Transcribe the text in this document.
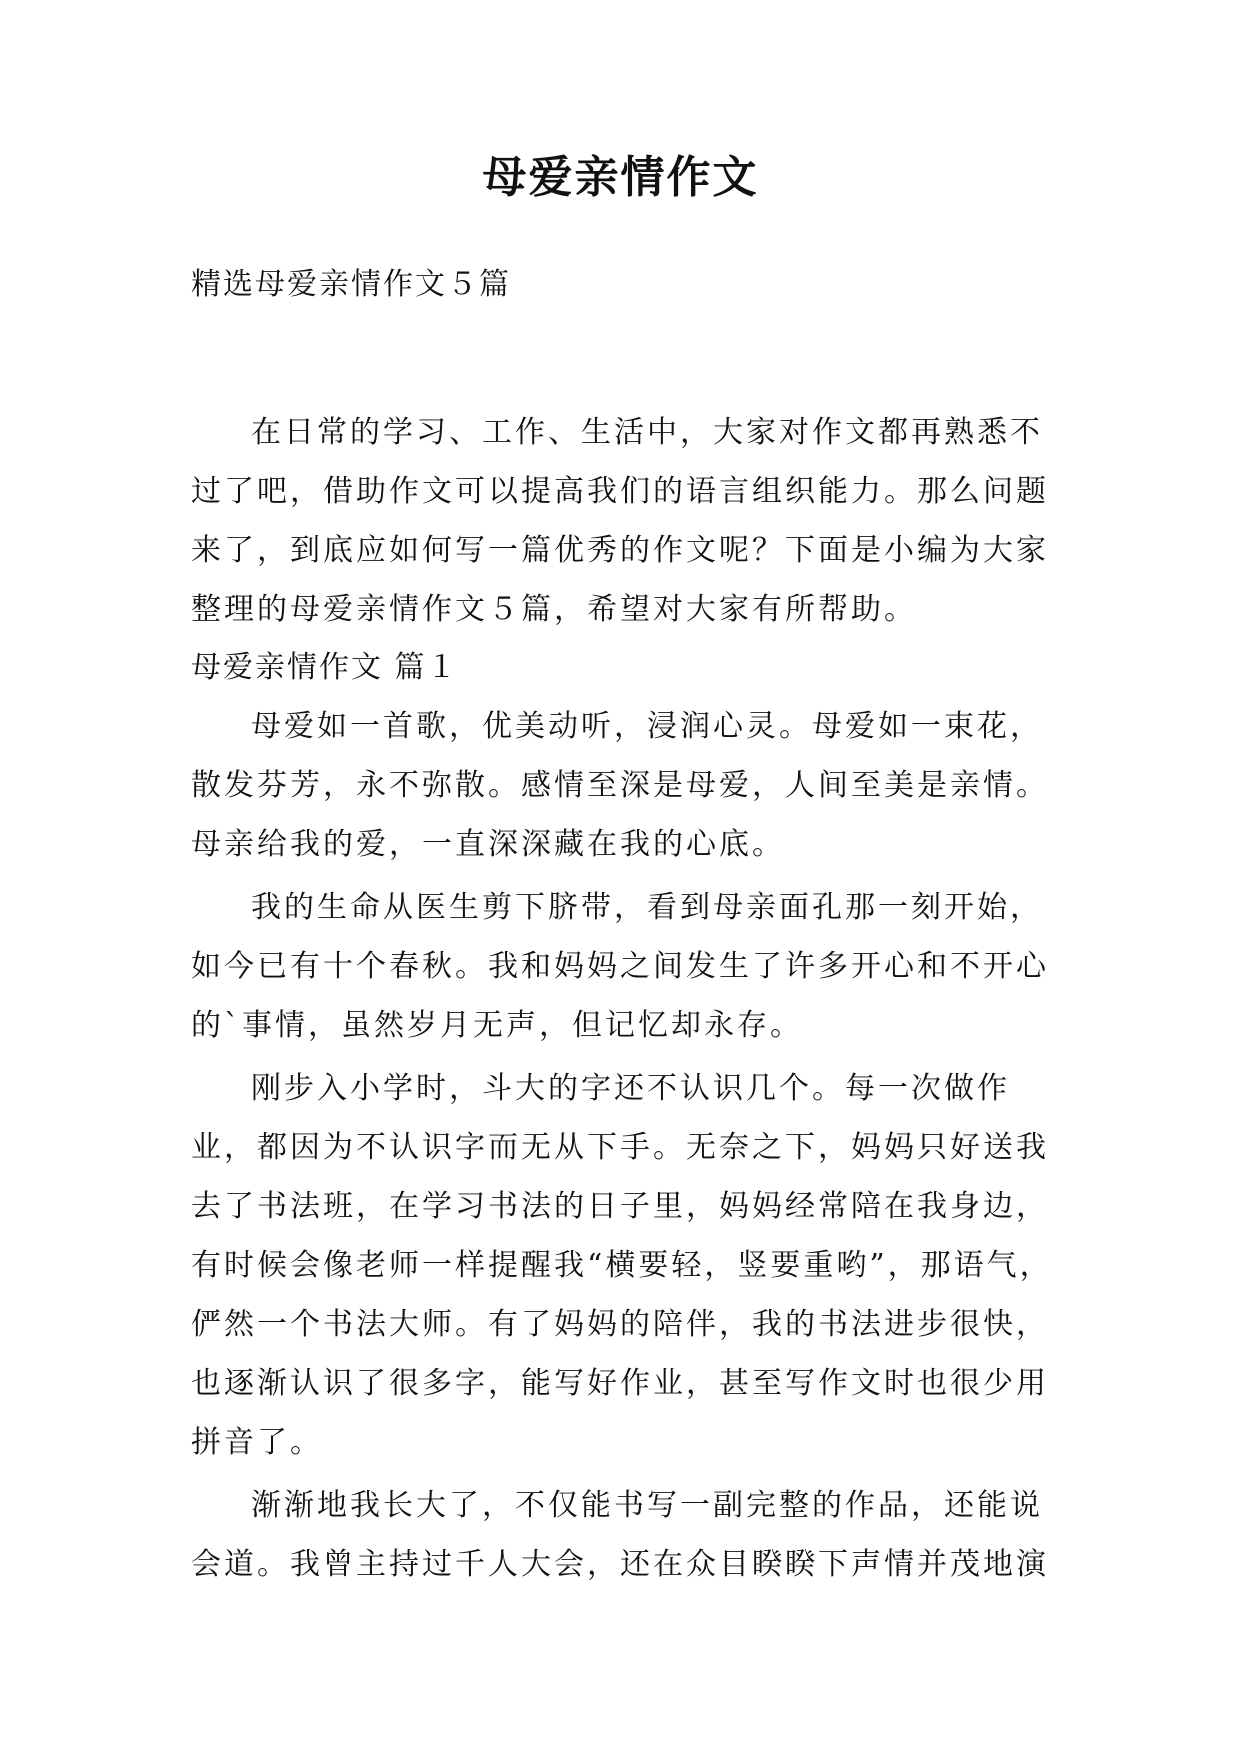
母爱亲情作文
精选母爱亲情作文５篇

在日常的学习、工作、生活中，大家对作文都再熟悉不过了吧，借助作文可以提高我们的语言组织能力。那么问题来了，到底应如何写一篇优秀的作文呢？下面是小编为大家整理的母爱亲情作文５篇，希望对大家有所帮助。

母爱亲情作文 篇１

母爱如一首歌，优美动听，浸润心灵。母爱如一束花，散发芬芳，永不弥散。感情至深是母爱，人间至美是亲情。母亲给我的爱，一直深深藏在我的心底。

我的生命从医生剪下脐带，看到母亲面孔那一刻开始，如今已有十个春秋。我和妈妈之间发生了许多开心和不开心的`事情，虽然岁月无声，但记忆却永存。

刚步入小学时，斗大的字还不认识几个。每一次做作业，都因为不认识字而无从下手。无奈之下，妈妈只好送我去了书法班，在学习书法的日子里，妈妈经常陪在我身边，有时候会像老师一样提醒我“横要轻，竖要重哟”，那语气，俨然一个书法大师。有了妈妈的陪伴，我的书法进步很快，也逐渐认识了很多字，能写好作业，甚至写作文时也很少用拼音了。

渐渐地我长大了，不仅能书写一副完整的作品，还能说会道。我曾主持过千人大会，还在众目睽睽下声情并茂地演
